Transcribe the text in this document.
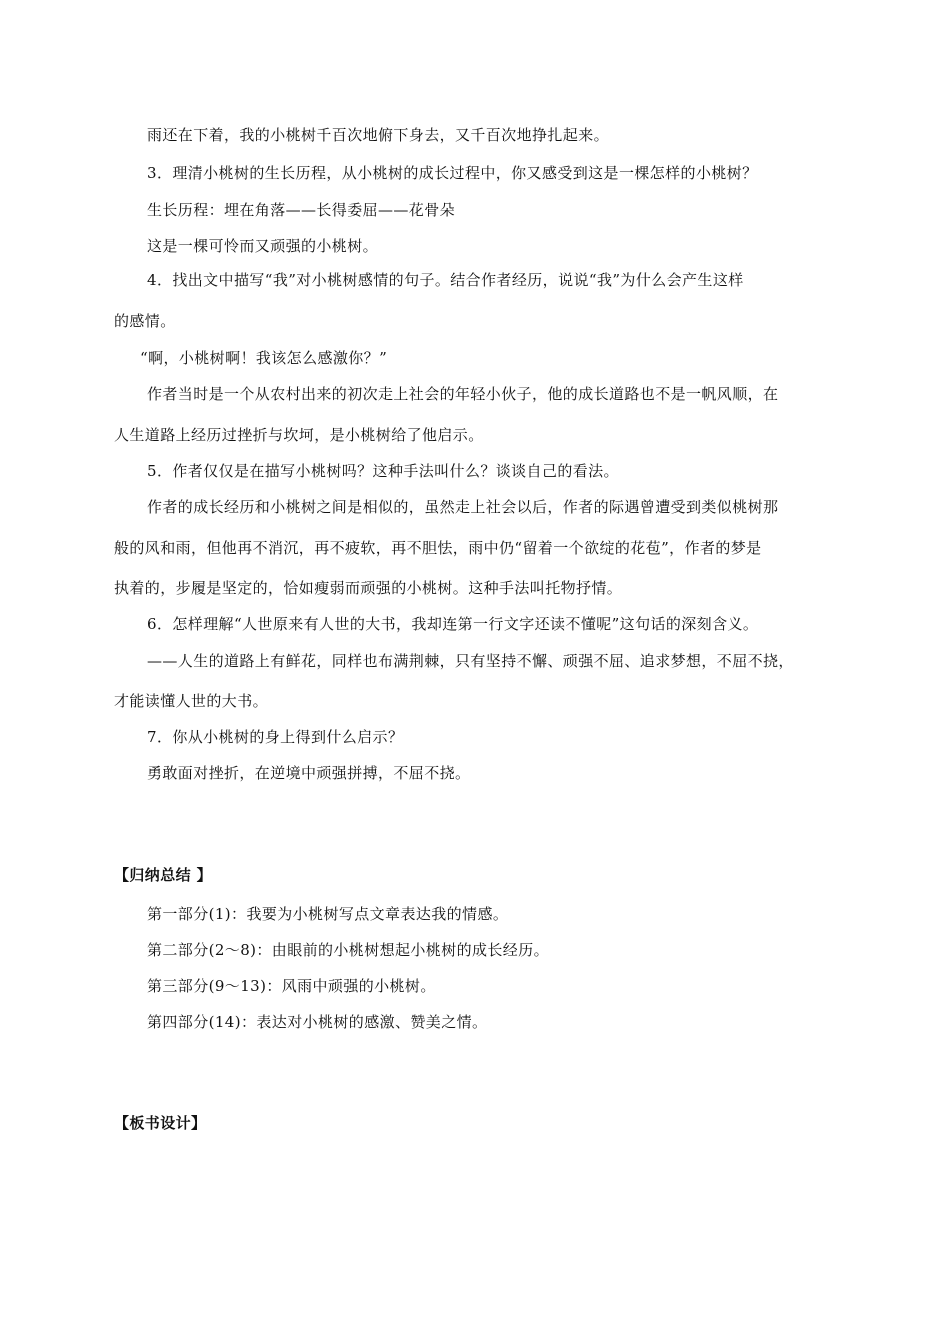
雨还在下着，我的小桃树千百次地俯下身去，又千百次地挣扎起来。
3．理清小桃树的生长历程，从小桃树的成长过程中，你又感受到这是一棵怎样的小桃树？
生长历程：埋在角落——长得委屈——花骨朵
这是一棵可怜而又顽强的小桃树。
4．找出文中描写“我”对小桃树感情的句子。结合作者经历，说说“我”为什么会产生这样
的感情。
“啊，小桃树啊！我该怎么感激你？”
作者当时是一个从农村出来的初次走上社会的年轻小伙子，他的成长道路也不是一帆风顺，在
人生道路上经历过挫折与坎坷，是小桃树给了他启示。
5．作者仅仅是在描写小桃树吗？这种手法叫什么？谈谈自己的看法。
作者的成长经历和小桃树之间是相似的，虽然走上社会以后，作者的际遇曾遭受到类似桃树那
般的风和雨，但他再不消沉，再不疲软，再不胆怯，雨中仍“留着一个欲绽的花苞”，作者的梦是
执着的，步履是坚定的，恰如瘦弱而顽强的小桃树。这种手法叫托物抒情。
6．怎样理解“人世原来有人世的大书，我却连第一行文字还读不懂呢”这句话的深刻含义。
——人生的道路上有鲜花，同样也布满荆棘，只有坚持不懈、顽强不屈、追求梦想，不屈不挠，
才能读懂人世的大书。
7．你从小桃树的身上得到什么启示？
勇敢面对挫折，在逆境中顽强拼搏，不屈不挠。
【归纳总结 】
第一部分(1)：我要为小桃树写点文章表达我的情感。
第二部分(2～8)：由眼前的小桃树想起小桃树的成长经历。
第三部分(9～13)：风雨中顽强的小桃树。
第四部分(14)：表达对小桃树的感激、赞美之情。
【板书设计】
